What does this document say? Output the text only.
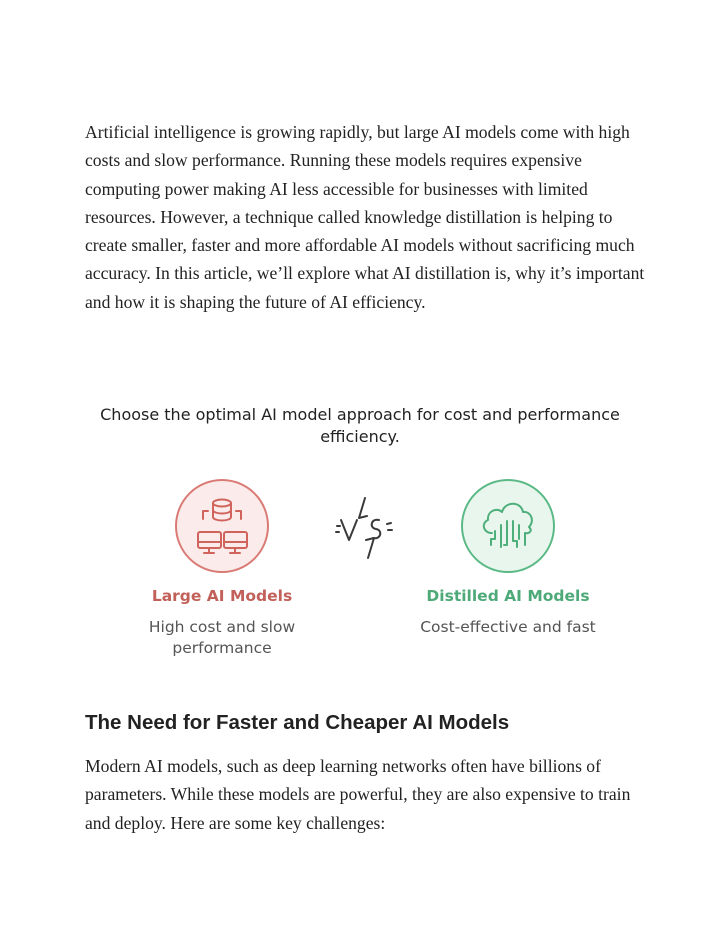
Artificial intelligence is growing rapidly, but large AI models come with high costs and slow performance. Running these models requires expensive computing power making AI less accessible for businesses with limited resources. However, a technique called knowledge distillation is helping to create smaller, faster and more affordable AI models without sacrificing much accuracy. In this article, we’ll explore what AI distillation is, why it’s important and how it is shaping the future of AI efficiency.

Choose the optimal AI model approach for cost and performance efficiency.

Large AI Models

High cost and slow performance

Distilled AI Models

Cost-effective and fast

The Need for Faster and Cheaper AI Models

Modern AI models, such as deep learning networks often have billions of parameters. While these models are powerful, they are also expensive to train and deploy. Here are some key challenges:
